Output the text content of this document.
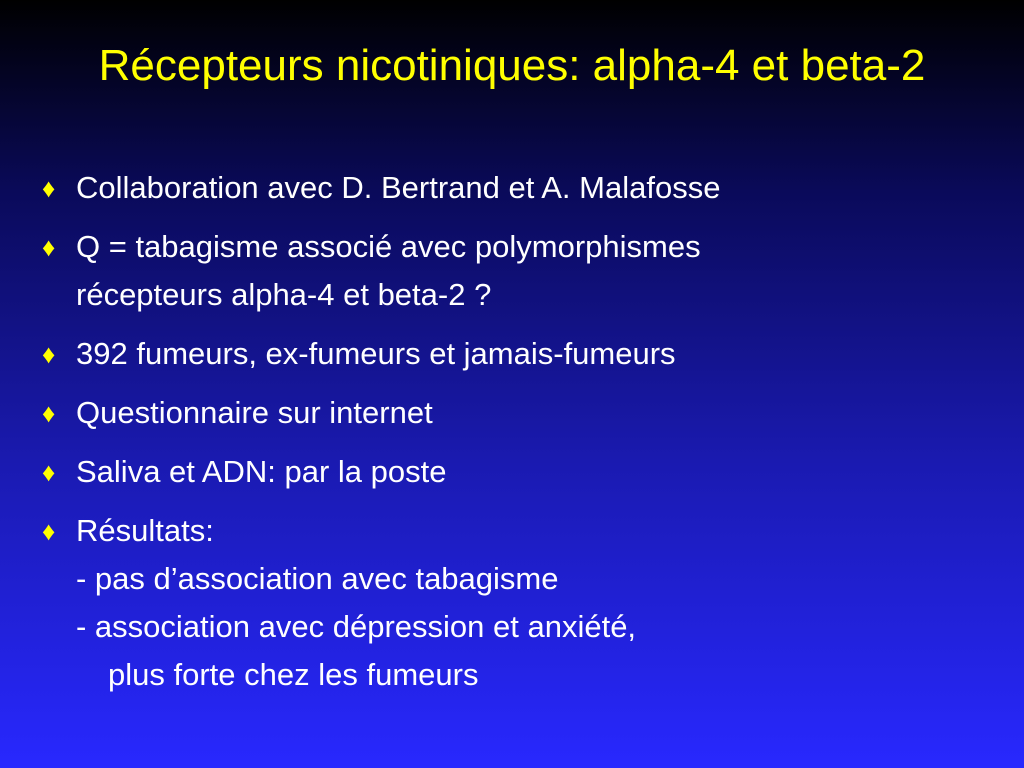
Récepteurs nicotiniques: alpha-4 et beta-2
♦ Collaboration avec D. Bertrand et A. Malafosse
♦ Q = tabagisme associé avec polymorphismes
récepteurs alpha-4 et beta-2 ?
♦ 392 fumeurs, ex-fumeurs et jamais-fumeurs
♦ Questionnaire sur internet
♦ Saliva et ADN: par la poste
♦ Résultats:
- pas d’association avec tabagisme
- association avec dépression et anxiété,
plus forte chez les fumeurs
